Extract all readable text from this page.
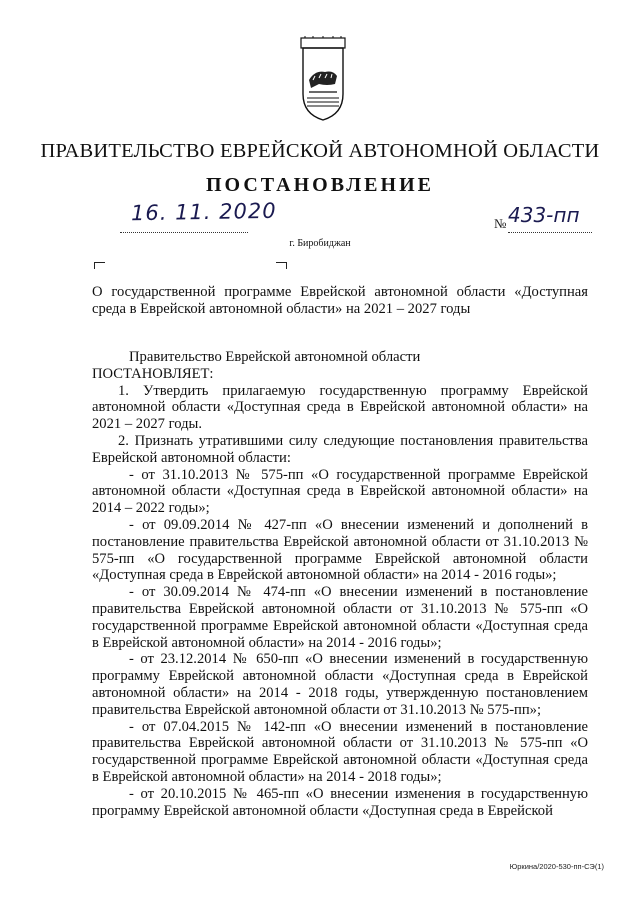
ПРАВИТЕЛЬСТВО ЕВРЕЙСКОЙ АВТОНОМНОЙ ОБЛАСТИ
ПОСТАНОВЛЕНИЕ
16. 11. 2020	№ 433-пп
г. Биробиджан
О государственной программе Еврейской автономной области «Доступная среда в Еврейской автономной области» на 2021 – 2027 годы

Правительство Еврейской автономной области

ПОСТАНОВЛЯЕТ:

1. Утвердить прилагаемую государственную программу Еврейской автономной области «Доступная среда в Еврейской автономной области» на 2021 – 2027 годы.

2. Признать утратившими силу следующие постановления правительства Еврейской автономной области:

- от 31.10.2013 № 575-пп «О государственной программе Еврейской автономной области «Доступная среда в Еврейской автономной области» на 2014 – 2022 годы»;

- от 09.09.2014 № 427-пп «О внесении изменений и дополнений в постановление правительства Еврейской автономной области от 31.10.2013 № 575-пп «О государственной программе Еврейской автономной области «Доступная среда в Еврейской автономной области» на 2014 - 2016 годы»;

- от 30.09.2014 № 474-пп «О внесении изменений в постановление правительства Еврейской автономной области от 31.10.2013 № 575-пп «О государственной программе Еврейской автономной области «Доступная среда в Еврейской автономной области» на 2014 - 2016 годы»;

- от 23.12.2014 № 650-пп «О внесении изменений в государственную программу Еврейской автономной области «Доступная среда в Еврейской автономной области» на 2014 - 2018 годы, утвержденную постановлением правительства Еврейской автономной области от 31.10.2013 № 575-пп»;

- от 07.04.2015 № 142-пп «О внесении изменений в постановление правительства Еврейской автономной области от 31.10.2013 № 575-пп «О государственной программе Еврейской автономной области «Доступная среда в Еврейской автономной области» на 2014 - 2018 годы»;

- от 20.10.2015 № 465-пп «О внесении изменения в государственную программу Еврейской автономной области «Доступная среда в Еврейской

Юркина/2020-530-пп-СЭ(1)
